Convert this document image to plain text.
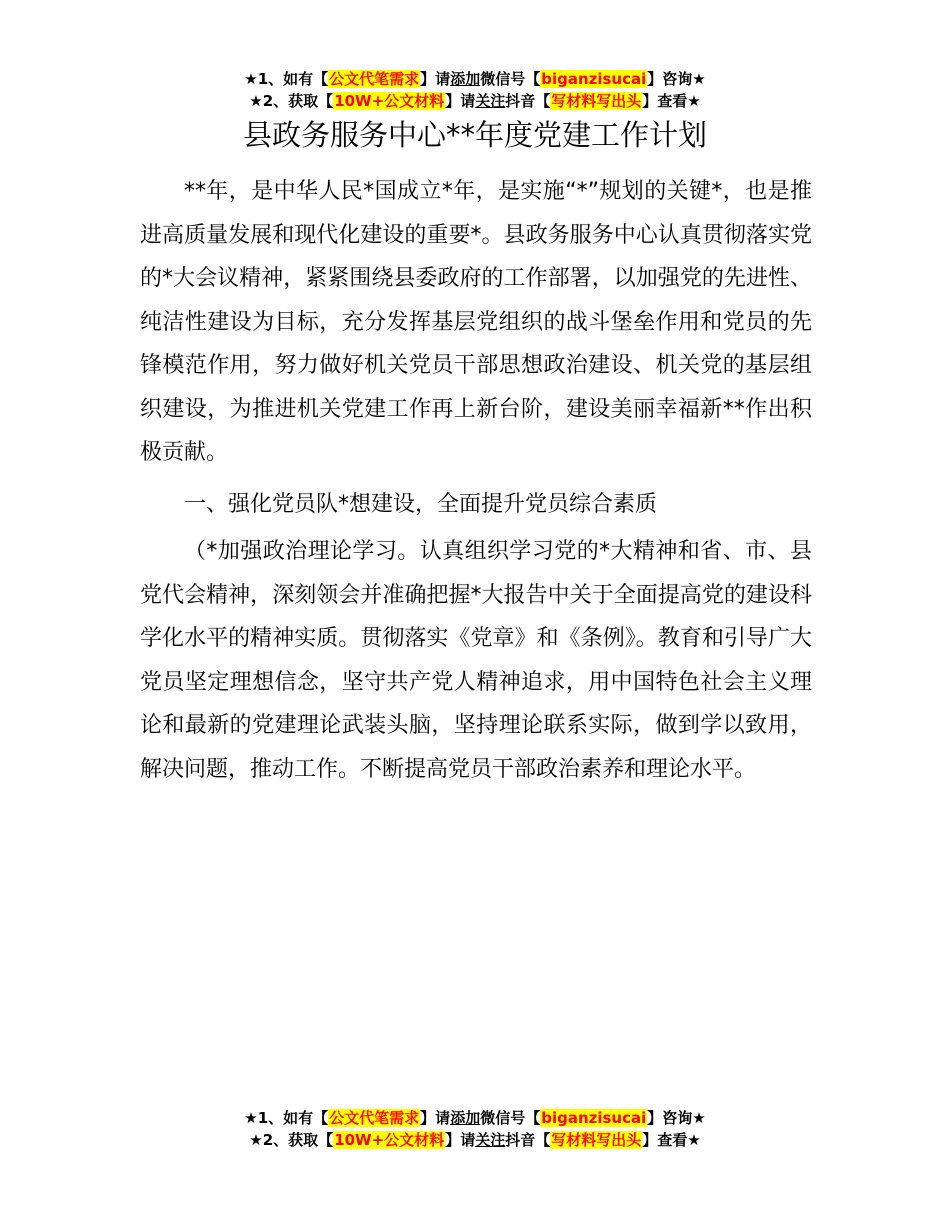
★1、如有【公文代笔需求】请添加微信号【biganzisucai】咨询★
★2、获取【10W+公文材料】请关注抖音【写材料写出头】查看★
县政务服务中心**年度党建工作计划

**年，是中华人民*国成立*年，是实施“*”规划的关键*，也是推进高质量发展和现代化建设的重要*。县政务服务中心认真贯彻落实党的*大会议精神，紧紧围绕县委政府的工作部署，以加强党的先进性、纯洁性建设为目标，充分发挥基层党组织的战斗堡垒作用和党员的先锋模范作用，努力做好机关党员干部思想政治建设、机关党的基层组织建设，为推进机关党建工作再上新台阶，建设美丽幸福新**作出积极贡献。

一、强化党员队*想建设，全面提升党员综合素质

（*加强政治理论学习。认真组织学习党的*大精神和省、市、县党代会精神，深刻领会并准确把握*大报告中关于全面提高党的建设科学化水平的精神实质。贯彻落实《党章》和《条例》。教育和引导广大党员坚定理想信念，坚守共产党人精神追求，用中国特色社会主义理论和最新的党建理论武装头脑，坚持理论联系实际，做到学以致用，解决问题，推动工作。不断提高党员干部政治素养和理论水平。

★1、如有【公文代笔需求】请添加微信号【biganzisucai】咨询★
★2、获取【10W+公文材料】请关注抖音【写材料写出头】查看★
